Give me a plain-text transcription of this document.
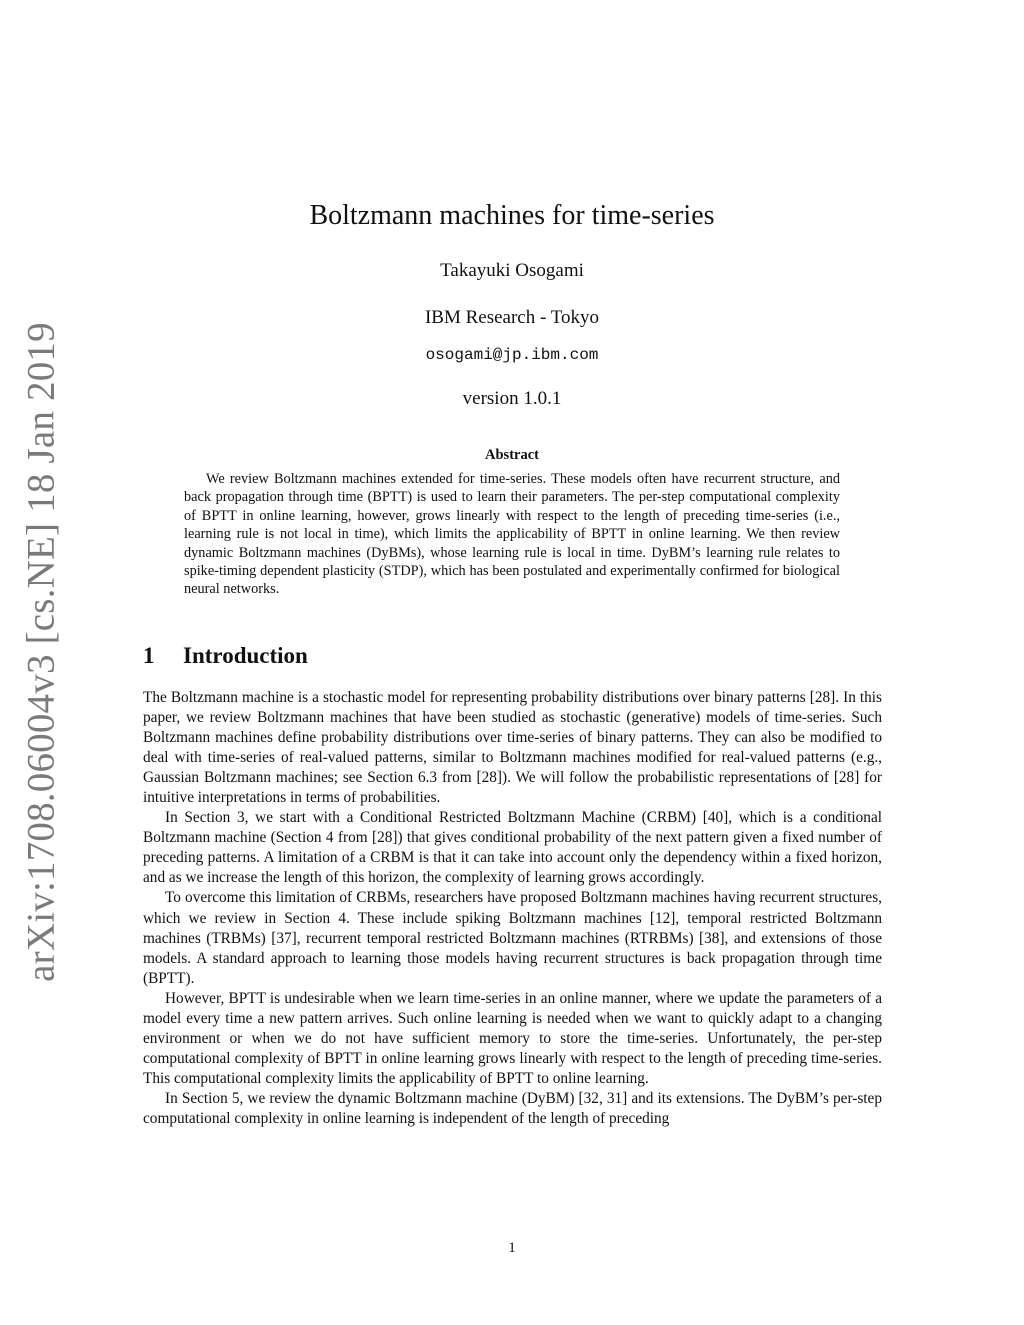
arXiv:1708.06004v3 [cs.NE] 18 Jan 2019
Boltzmann machines for time-series
Takayuki Osogami
IBM Research - Tokyo
osogami@jp.ibm.com
version 1.0.1
Abstract

We review Boltzmann machines extended for time-series. These models often have recurrent structure, and back propagation through time (BPTT) is used to learn their parameters. The per-step computational complexity of BPTT in online learning, however, grows linearly with respect to the length of preceding time-series (i.e., learning rule is not local in time), which limits the applicability of BPTT in online learning. We then review dynamic Boltzmann machines (DyBMs), whose learning rule is local in time. DyBM’s learning rule relates to spike-timing dependent plasticity (STDP), which has been postulated and experimentally confirmed for biological neural networks.

1 Introduction

The Boltzmann machine is a stochastic model for representing probability distributions over binary patterns [28]. In this paper, we review Boltzmann machines that have been studied as stochastic (generative) models of time-series. Such Boltzmann machines define probability distributions over time-series of binary patterns. They can also be modified to deal with time-series of real-valued patterns, similar to Boltzmann machines modified for real-valued patterns (e.g., Gaussian Boltzmann machines; see Section 6.3 from [28]). We will follow the probabilistic representations of [28] for intuitive interpretations in terms of probabilities.

In Section 3, we start with a Conditional Restricted Boltzmann Machine (CRBM) [40], which is a conditional Boltzmann machine (Section 4 from [28]) that gives conditional probability of the next pattern given a fixed number of preceding patterns. A limitation of a CRBM is that it can take into account only the dependency within a fixed horizon, and as we increase the length of this horizon, the complexity of learning grows accordingly.

To overcome this limitation of CRBMs, researchers have proposed Boltzmann machines having recurrent structures, which we review in Section 4. These include spiking Boltzmann machines [12], temporal restricted Boltzmann machines (TRBMs) [37], recurrent temporal restricted Boltzmann machines (RTRBMs) [38], and extensions of those models. A standard approach to learning those models having recurrent structures is back propagation through time (BPTT).

However, BPTT is undesirable when we learn time-series in an online manner, where we update the parameters of a model every time a new pattern arrives. Such online learning is needed when we want to quickly adapt to a changing environment or when we do not have sufficient memory to store the time-series. Unfortunately, the per-step computational complexity of BPTT in online learning grows linearly with respect to the length of preceding time-series. This computational complexity limits the applicability of BPTT to online learning.

In Section 5, we review the dynamic Boltzmann machine (DyBM) [32, 31] and its extensions. The DyBM’s per-step computational complexity in online learning is independent of the length of preceding

1
